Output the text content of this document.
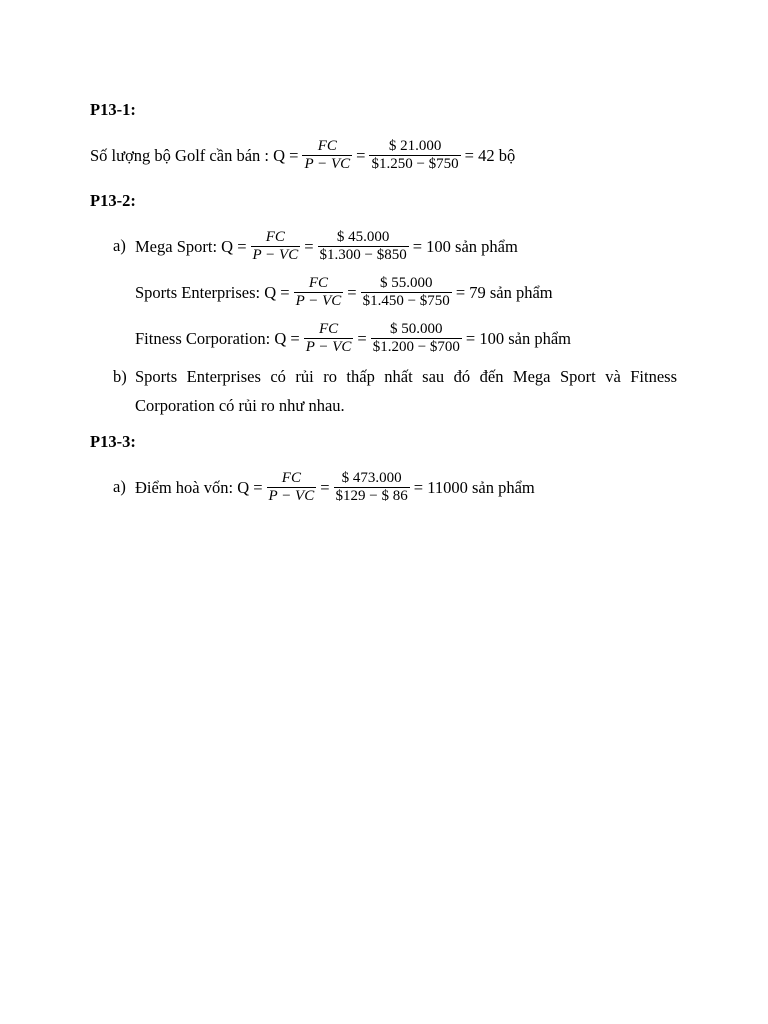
P13-1:
Số lượng bộ Golf cần bán : $Q = \frac{FC}{P - VC} = \frac{\$ 21.000}{\$1.250 - \$750} = 42$ bộ
P13-2:
a) Mega Sport: $Q = \frac{FC}{P - VC} = \frac{\$ 45.000}{\$1.300 - \$850} = 100$ sản phẩm
Sports Enterprises: $Q = \frac{FC}{P - VC} = \frac{\$ 55.000}{\$1.450 - \$750} = 79$ sản phẩm
Fitness Corporation: $Q = \frac{FC}{P - VC} = \frac{\$ 50.000}{\$1.200 - \$700} = 100$ sản phẩm
b) Sports Enterprises có rủi ro thấp nhất sau đó đến Mega Sport và Fitness
Corporation có rủi ro như nhau.
P13-3:
a) Điểm hoà vốn: $Q = \frac{FC}{P - VC} = \frac{\$ 473.000}{\$129 - \$ 86} = 11000$ sản phẩm
